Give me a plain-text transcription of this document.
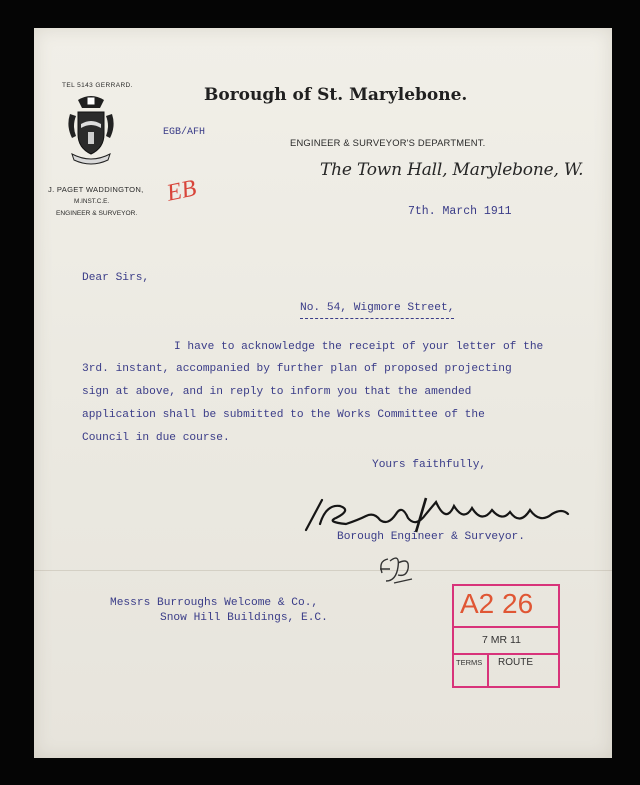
TEL 5143 GERRARD.
J. PAGET WADDINGTON,
M.INST.C.E.
ENGINEER & SURVEYOR.
Borough of St. Marylebone.
EGB/AFH
ENGINEER & SURVEYOR'S DEPARTMENT.
The Town Hall, Marylebone, W.
EB
7th. March 1911
Dear Sirs,
No. 54, Wigmore Street,
I have to acknowledge the receipt of your letter of the
3rd. instant, accompanied by further plan of proposed projecting
sign at above, and in reply to inform you that the amended
application shall be submitted to the Works Committee of the
Council in due course.
Yours faithfully,
Borough Engineer & Surveyor.
Messrs Burroughs Welcome & Co.,
Snow Hill Buildings, E.C.	A2 26
7 MR 11
TERMS ROUTE
